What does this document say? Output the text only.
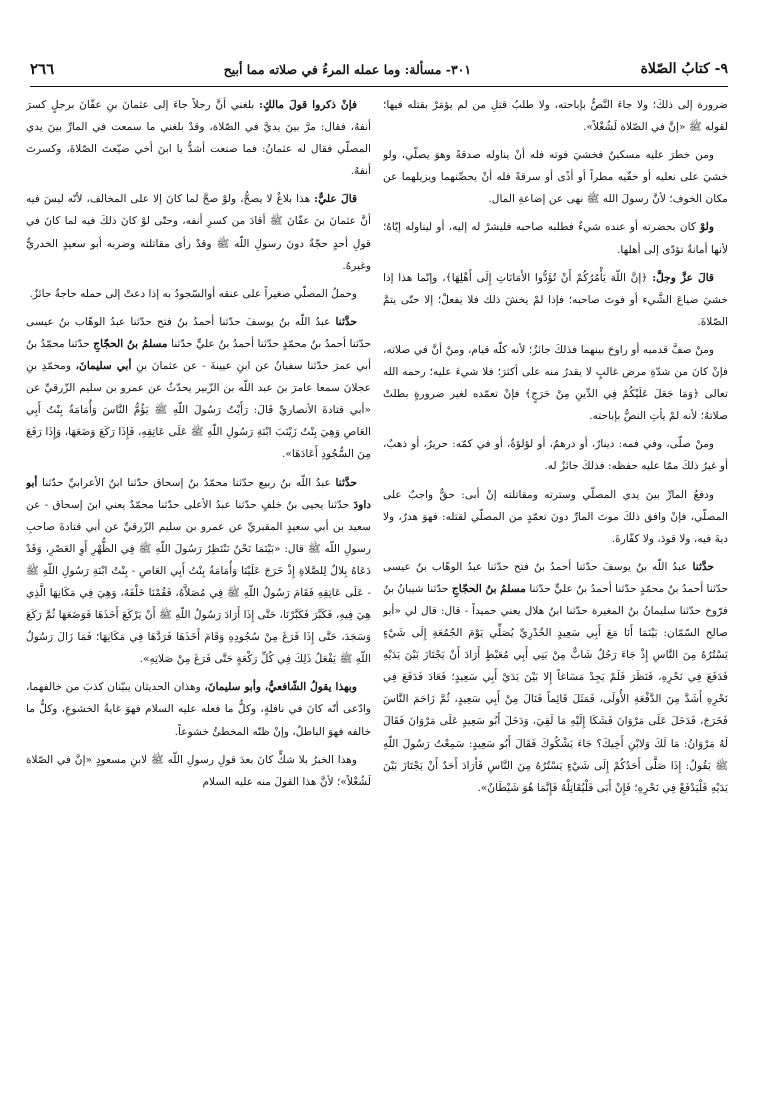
٩- كتابُ الصّلاة
٣٠١- مسألة: وما عمله المرءُ في صلاته مما أبيح
٢٦٦

ضرورة إلى ذلكَ؛ ولا جاءَ النَّصُّ بإباحته، ولا طلبُ قتلِ من لم يؤمَرْ بقتله فيها؛ لقوله ﷺ «إنَّ في الصّلاة لَشُغْلاً».

ومن خطرَ عليه مسكينٌ فخشيَ فوته فله أنْ يناوله صدقةً وهوَ يصلّي، ولو خشيَ على نعليه أو خفّيه مطراً أو أذًى أو سرقةً فله أنْ يحصِّنهما ويزيلهما عن مكان الخوف؛ لأنَّ رسولَ الله ﷺ نهى عن إضاعةِ المال.

ولوْ كان بحضرته أو عنده شيءٌ فطلبه صاحبه فليشرْ له إليه، أو ليناوله إيّاهُ؛ لأنها أمانةٌ تؤدّى إلى أهلها.

قالَ عزَّ وجلَّ: ﴿إنَّ اللّهَ يَأْمُرُكُمْ أَنْ تُؤَدُّوا الأَمَانَاتِ إِلَى أَهْلِهَا﴾، وإنّما هذا إذا خشيَ ضياعَ الشَّيء أو فوتَ صاحبه؛ فإذا لمْ يخشَ ذلك فلا يفعلْ؛ إلا حتّى يتمَّ الصّلاةَ.

ومنْ صفَّ قدميه أو راوحَ بينهما فذلكَ جائزٌ؛ لأنه كلّه قيام، ومنْ أنَّ في صلاته، فإنْ كانَ من شدّةِ مرض غالبٍ لا يقدرُ منه على أكثرَ؛ فلا شيءَ عليه؛ رحمه الله تعالى ﴿وَمَا جَعَلَ عَلَيْكُمْ فِي الدِّينِ مِنْ حَرَجٍ﴾ فإنْ تعمّده لغير ضرورةٍ بطلتْ صلاتهُ؛ لأنه لمْ يأتِ النصُّ بإباحته.

ومنْ صلّى، وفي فمه: دينارٌ، أو درهمٌ، أو لؤلؤةٌ، أو في كمّه: حريرٌ، أو ذهبٌ، أو غيرُ ذلكَ ممّا عليه حفظه: فذلكَ جائزٌ له.

ودفعُ المارِّ بينَ يدي المصلّي وسترته ومقاتلته إنْ أبى: حقٌّ واجبٌ على المصلّي، فإنْ وافق ذلكَ موتَ المارِّ دونَ تعمّدٍ من المصلّي لقتله: فهوَ هدرٌ، ولا ديةَ فيه، ولا قودَ، ولا كفّارةَ.

حدَّثنا عبدُ اللّه بنُ يوسفَ حدّثنا أحمدُ بنُ فتح حدّثنا عبدُ الوهّاب بنُ عيسى حدّثنا أحمدُ بنُ محمّدٍ حدّثنا أحمدُ بنُ عليٍّ حدّثنا مسلمُ بنُ الحجّاجِ حدّثنا شيبانُ بنُ فرّوخ حدّثنا سليمانُ بنُ المغيرة حدّثنا ابنُ هلال يعني حميداً - قال: قال لي «أبو صالح السّمّان: بَيْنَمَا أَنَا مَعَ أَبِي سَعِيدٍ الخُدْرِيِّ يُصَلِّي يَوْمَ الجُمُعَةِ إِلَى شَيْءٍ يَسْتُرُهُ مِنَ النَّاسِ إِذْ جَاءَ رَجُلٌ شَابٌّ مِنْ بَنِي أَبِي مُعَيْطٍ أَرَادَ أَنْ يَجْتَازَ بَيْنَ يَدَيْهِ فَدَفَعَ فِي نَحْرِهِ، فَنَظَرَ فَلَمْ يَجِدْ مَسَاغاً إِلا بَيْنَ يَدَيْ أَبِي سَعِيدٍ؛ فَعَادَ فَدَفَعَ فِي نَحْرِهِ أَشَدَّ مِنَ الدَّفْعَةِ الأُولَى، فَمَثَلَ قَائِماً فَنَالَ مِنْ أَبِي سَعِيدٍ، ثُمَّ زَاحَمَ النَّاسَ فَخَرَجَ، فَدَخَلَ عَلَى مَرْوَانَ فَشَكَا إِلَيْهِ مَا لَقِيَ، وَدَخَلَ أَبُو سَعِيدٍ عَلَى مَرْوَانَ فَقَالَ لَهُ مَرْوَانُ: مَا لَكَ وَلابْنِ أَخِيكَ؟ جَاءَ يَشْكُوكَ فَقَالَ أَبُو سَعِيدٍ: سَمِعْتُ رَسُولَ اللّهِ ﷺ يَقُولُ: إِذَا صَلَّى أَحَدُكُمْ إِلَى شَيْءٍ يَسْتُرُهُ مِنَ النَّاسِ فَأَرَادَ أَحَدٌ أَنْ يَجْتَازَ بَيْنَ يَدَيْهِ فَلْيَدْفَعْ فِي نَحْرِهِ؛ فَإِنْ أَبَى فَلْيُقَاتِلْهُ فَإِنَّمَا هُوَ شَيْطَانٌ».

فإنْ ذكروا قولَ مالكٍ: بلغني أنَّ رجلاً جاءَ إلى عثمانَ بنِ عفّانَ برجلٍ كسرَ أنفهُ، فقال: مرَّ بينَ يديَّ في الصّلاة، وقدْ بلغني ما سمعت في المارِّ بينَ يدي المصلّي فقال له عثمانُ: فما صنعت أشدُّ يا ابنَ أخي ضيّعتَ الصّلاةَ، وكسرتَ أنفهُ.

قالَ عليٌّ: هذا بلاغٌ لا يصحُّ، ولوْ صحَّ لما كانَ إلا على المخالف، لأنّه ليسَ فيه أنَّ عثمانَ بنَ عفّانَ ﷺ أقادَ من كسرِ أنفه، وحتّى لوْ كانَ ذلكَ فيه لما كانَ في قولِ أحدٍ حجّةٌ دونَ رسولِ اللّه ﷺ وقدْ رأى مقاتلته وضربه أبو سعيدٍ الخدريُّ وغيرهُ.

وحملُ المصلّي صغيراً على عنقه أوالسّجودُ به إذا دعتْ إلى حمله حاجةٌ جائزٌ.

حدَّثنا عبدُ اللّه بنُ يوسفَ حدّثنا أحمدُ بنُ فتح حدّثنا عبدُ الوهّاب بنُ عيسى حدّثنا أحمدُ بنُ محمّدٍ حدّثنا أحمدُ بنُ عليٍّ حدّثنا مسلمُ بنُ الحجّاجِ حدّثنا محمّدُ بنُ أبي عمرَ حدّثنا سفيانُ عن ابنِ عيينةَ - عن عثمانَ بنِ أبي سليمانَ، ومحمّدِ بنِ عجلانَ سمعا عامرَ بنَ عبد اللّه بن الزّبير يحدّثُ عن عمرو بن سليم الزّرقيِّ عن «أبي قتادةَ الأنصاريِّ قَالَ: رَأَيْتُ رَسُولَ اللّهِ ﷺ يَؤُمُّ النَّاسَ وَأُمَامَةُ بِنْتُ أَبِي العَاصِ وَهِيَ بِنْتُ زَيْنَبَ ابْنَةِ رَسُولِ اللّهِ ﷺ عَلَى عَاتِقِهِ، فَإِذَا رَكَعَ وَضَعَهَا، وَإِذَا رَفَعَ مِنَ السُّجُودِ أَعَادَهَا».

حدَّثنا عبدُ اللّه بنُ ربيع حدّثنا محمّدُ بنُ إسحاق حدّثنا ابنُ الأعرابيِّ حدّثنا أبو داودَ حدّثنا يحيى بنُ خلفٍ حدّثنا عبدُ الأعلى حدّثنا محمّدٌ يعني ابنَ إسحاق - عن سعيد بن أبي سعيدٍ المقبريِّ عن عمرو بن سليم الزّرقيِّ عن أبي قتادةَ صاحبِ رسولِ اللّه ﷺ قال: «بَيْنَمَا نَحْنُ نَنْتَظِرُ رَسُولَ اللّهِ ﷺ فِي الظُّهْرِ أَوِ العَصْرِ، وَقَدْ دَعَاهُ بِلالٌ لِلصَّلاةِ إِذْ خَرَجَ عَلَيْنَا وَأُمَامَةُ بِنْتُ أَبِي العَاصِ - بِنْتُ ابْنَةِ رَسُولِ اللّهِ ﷺ - عَلَى عَاتِقِهِ فَقَامَ رَسُولُ اللّهِ ﷺ فِي مُصَلاَّهُ، فَقُمْنَا خَلْفَهُ، وَهِيَ فِي مَكَانِهَا الَّذِي هِيَ فِيهِ، فَكَبَّرَ فَكَبَّرْنَا، حَتَّى إِذَا أَرَادَ رَسُولُ اللّهِ ﷺ أَنْ يَرْكَعَ أَخَذَهَا فَوَضَعَهَا ثُمَّ رَكَعَ وَسَجَدَ، حَتَّى إِذَا فَرَغَ مِنْ سُجُودِهِ وَقَامَ أَخَذَهَا فَرَدَّهَا فِي مَكَانِهَا؛ فَمَا زَالَ رَسُولُ اللّهِ ﷺ يَفْعَلُ ذَلِكَ فِي كُلِّ رَكْعَةٍ حَتَّى فَرَغَ مِنْ صَلاتِهِ».

وبهذا يقولُ الشّافعيُّ، وأبو سليمانَ، وهذان الحديثان يبيّنان كذبَ من خالفهما، وادّعى أنّه كانَ في نافلةٍ، وكلُّ ما فعله عليه السلام فهوَ غايةُ الخشوعِ، وكلُّ ما خالفه فهوَ الباطلُ، وإنْ ظنّه المخطئُ خشوعاً.

وهذا الخبرُ بلا شكٍّ كانَ بعدَ قولِ رسولِ اللّه ﷺ لابنِ مسعودٍ «إنَّ في الصّلاة لَشُغْلاً»؛ لأنَّ هذا القولَ منه عليه السلام
